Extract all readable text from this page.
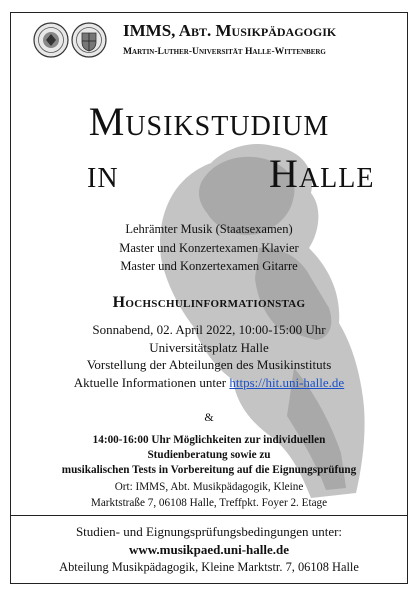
IMMS, Abt. Musikpädagogik
Martin-Luther-Universität Halle-Wittenberg
Musikstudium
in	Halle
Lehrämter Musik (Staatsexamen)
Master und Konzertexamen Klavier
Master und Konzertexamen Gitarre
Hochschulinformationstag
Sonnabend, 02. April 2022, 10:00-15:00 Uhr
Universitätsplatz Halle
Vorstellung der Abteilungen des Musikinstituts
Aktuelle Informationen unter https://hit.uni-halle.de
&
14:00-16:00 Uhr Möglichkeiten zur individuellen
Studienberatung sowie zu
musikalischen Tests in Vorbereitung auf die Eignungsprüfung
Ort: IMMS, Abt. Musikpädagogik, Kleine
Marktstraße 7, 06108 Halle, Treffpkt. Foyer 2. Etage
Studien- und Eignungsprüfungsbedingungen unter:
www.musikpaed.uni-halle.de
Abteilung Musikpädagogik, Kleine Marktstr. 7, 06108 Halle
